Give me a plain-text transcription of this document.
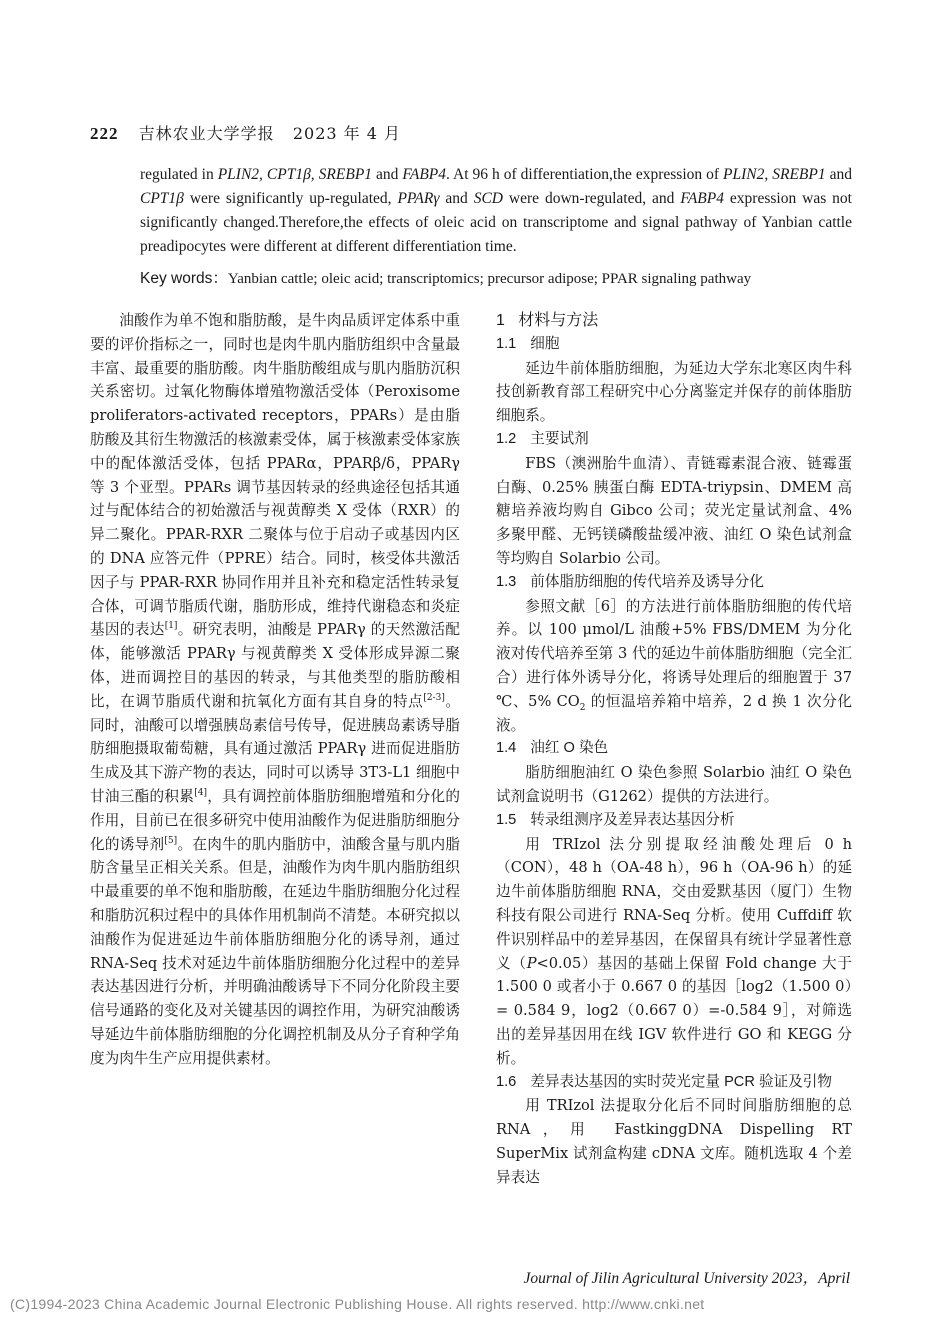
222 吉林农业大学学报 2023 年 4 月

regulated in PLIN2, CPT1β, SREBP1 and FABP4. At 96 h of differentiation,the expression of PLIN2, SREBP1 and CPT1β were significantly up-regulated, PPARγ and SCD were down-regulated, and FABP4 expression was not significantly changed.Therefore,the effects of oleic acid on transcriptome and signal pathway of Yanbian cattle preadipocytes were different at different differentiation time.

Key words：Yanbian cattle; oleic acid; transcriptomics; precursor adipose; PPAR signaling pathway

油酸作为单不饱和脂肪酸，是牛肉品质评定体系中重要的评价指标之一，同时也是肉牛肌内脂肪组织中含量最丰富、最重要的脂肪酸。肉牛脂肪酸组成与肌内脂肪沉积关系密切。过氧化物酶体增殖物激活受体（Peroxisome proliferators-activated receptors，PPARs）是由脂肪酸及其衍生物激活的核激素受体，属于核激素受体家族中的配体激活受体，包括 PPARα，PPARβ/δ，PPARγ 等 3 个亚型。PPARs 调节基因转录的经典途径包括其通过与配体结合的初始激活与视黄醇类 X 受体（RXR）的异二聚化。PPAR-RXR 二聚体与位于启动子或基因内区的 DNA 应答元件（PPRE）结合。同时，核受体共激活因子与 PPAR-RXR 协同作用并且补充和稳定活性转录复合体，可调节脂质代谢，脂肪形成，维持代谢稳态和炎症基因的表达[1]。研究表明，油酸是 PPARγ 的天然激活配体，能够激活 PPARγ 与视黄醇类 X 受体形成异源二聚体，进而调控目的基因的转录，与其他类型的脂肪酸相比，在调节脂质代谢和抗氧化方面有其自身的特点[2-3]。同时，油酸可以增强胰岛素信号传导，促进胰岛素诱导脂肪细胞摄取葡萄糖，具有通过激活 PPARγ 进而促进脂肪生成及其下游产物的表达，同时可以诱导 3T3-L1 细胞中甘油三酯的积累[4]，具有调控前体脂肪细胞增殖和分化的作用，目前已在很多研究中使用油酸作为促进脂肪细胞分化的诱导剂[5]。在肉牛的肌内脂肪中，油酸含量与肌内脂肪含量呈正相关关系。但是，油酸作为肉牛肌内脂肪组织中最重要的单不饱和脂肪酸，在延边牛脂肪细胞分化过程和脂肪沉积过程中的具体作用机制尚不清楚。本研究拟以油酸作为促进延边牛前体脂肪细胞分化的诱导剂，通过 RNA-Seq 技术对延边牛前体脂肪细胞分化过程中的差异表达基因进行分析，并明确油酸诱导下不同分化阶段主要信号通路的变化及对关键基因的调控作用，为研究油酸诱导延边牛前体脂肪细胞的分化调控机制及从分子育种学角度为肉牛生产应用提供素材。

1 材料与方法

1.1 细胞

延边牛前体脂肪细胞，为延边大学东北寒区肉牛科技创新教育部工程研究中心分离鉴定并保存的前体脂肪细胞系。

1.2 主要试剂

FBS（澳洲胎牛血清）、青链霉素混合液、链霉蛋白酶、0.25% 胰蛋白酶 EDTA-triypsin、DMEM 高糖培养液均购自 Gibco 公司；荧光定量试剂盒、4% 多聚甲醛、无钙镁磷酸盐缓冲液、油红 O 染色试剂盒等均购自 Solarbio 公司。

1.3 前体脂肪细胞的传代培养及诱导分化

参照文献［6］的方法进行前体脂肪细胞的传代培养。以 100 μmol/L 油酸+5% FBS/DMEM 为分化液对传代培养至第 3 代的延边牛前体脂肪细胞（完全汇合）进行体外诱导分化，将诱导处理后的细胞置于 37 ℃、5% $CO_2$ 的恒温培养箱中培养，2 d 换 1 次分化液。

1.4 油红 O 染色

脂肪细胞油红 O 染色参照 Solarbio 油红 O 染色试剂盒说明书（G1262）提供的方法进行。

1.5 转录组测序及差异表达基因分析

用 TRIzol 法分别提取经油酸处理后 0 h（CON），48 h（OA-48 h），96 h（OA-96 h）的延边牛前体脂肪细胞 RNA，交由爱默基因（厦门）生物科技有限公司进行 RNA-Seq 分析。使用 Cuffdiff 软件识别样品中的差异基因，在保留具有统计学显著性意义（P<0.05）基因的基础上保留 Fold change 大于 1.500 0 或者小于 0.667 0 的基因［log2（1.500 0）= 0.584 9，log2（0.667 0）=-0.584 9］，对筛选出的差异基因用在线 IGV 软件进行 GO 和 KEGG 分析。

1.6 差异表达基因的实时荧光定量 PCR 验证及引物

用 TRIzol 法提取分化后不同时间脂肪细胞的总 RNA，用 FastkinggDNA Dispelling RT SuperMix 试剂盒构建 cDNA 文库。随机选取 4 个差异表达

Journal of Jilin Agricultural University 2023，April
(C)1994-2023 China Academic Journal Electronic Publishing House. All rights reserved. http://www.cnki.net
